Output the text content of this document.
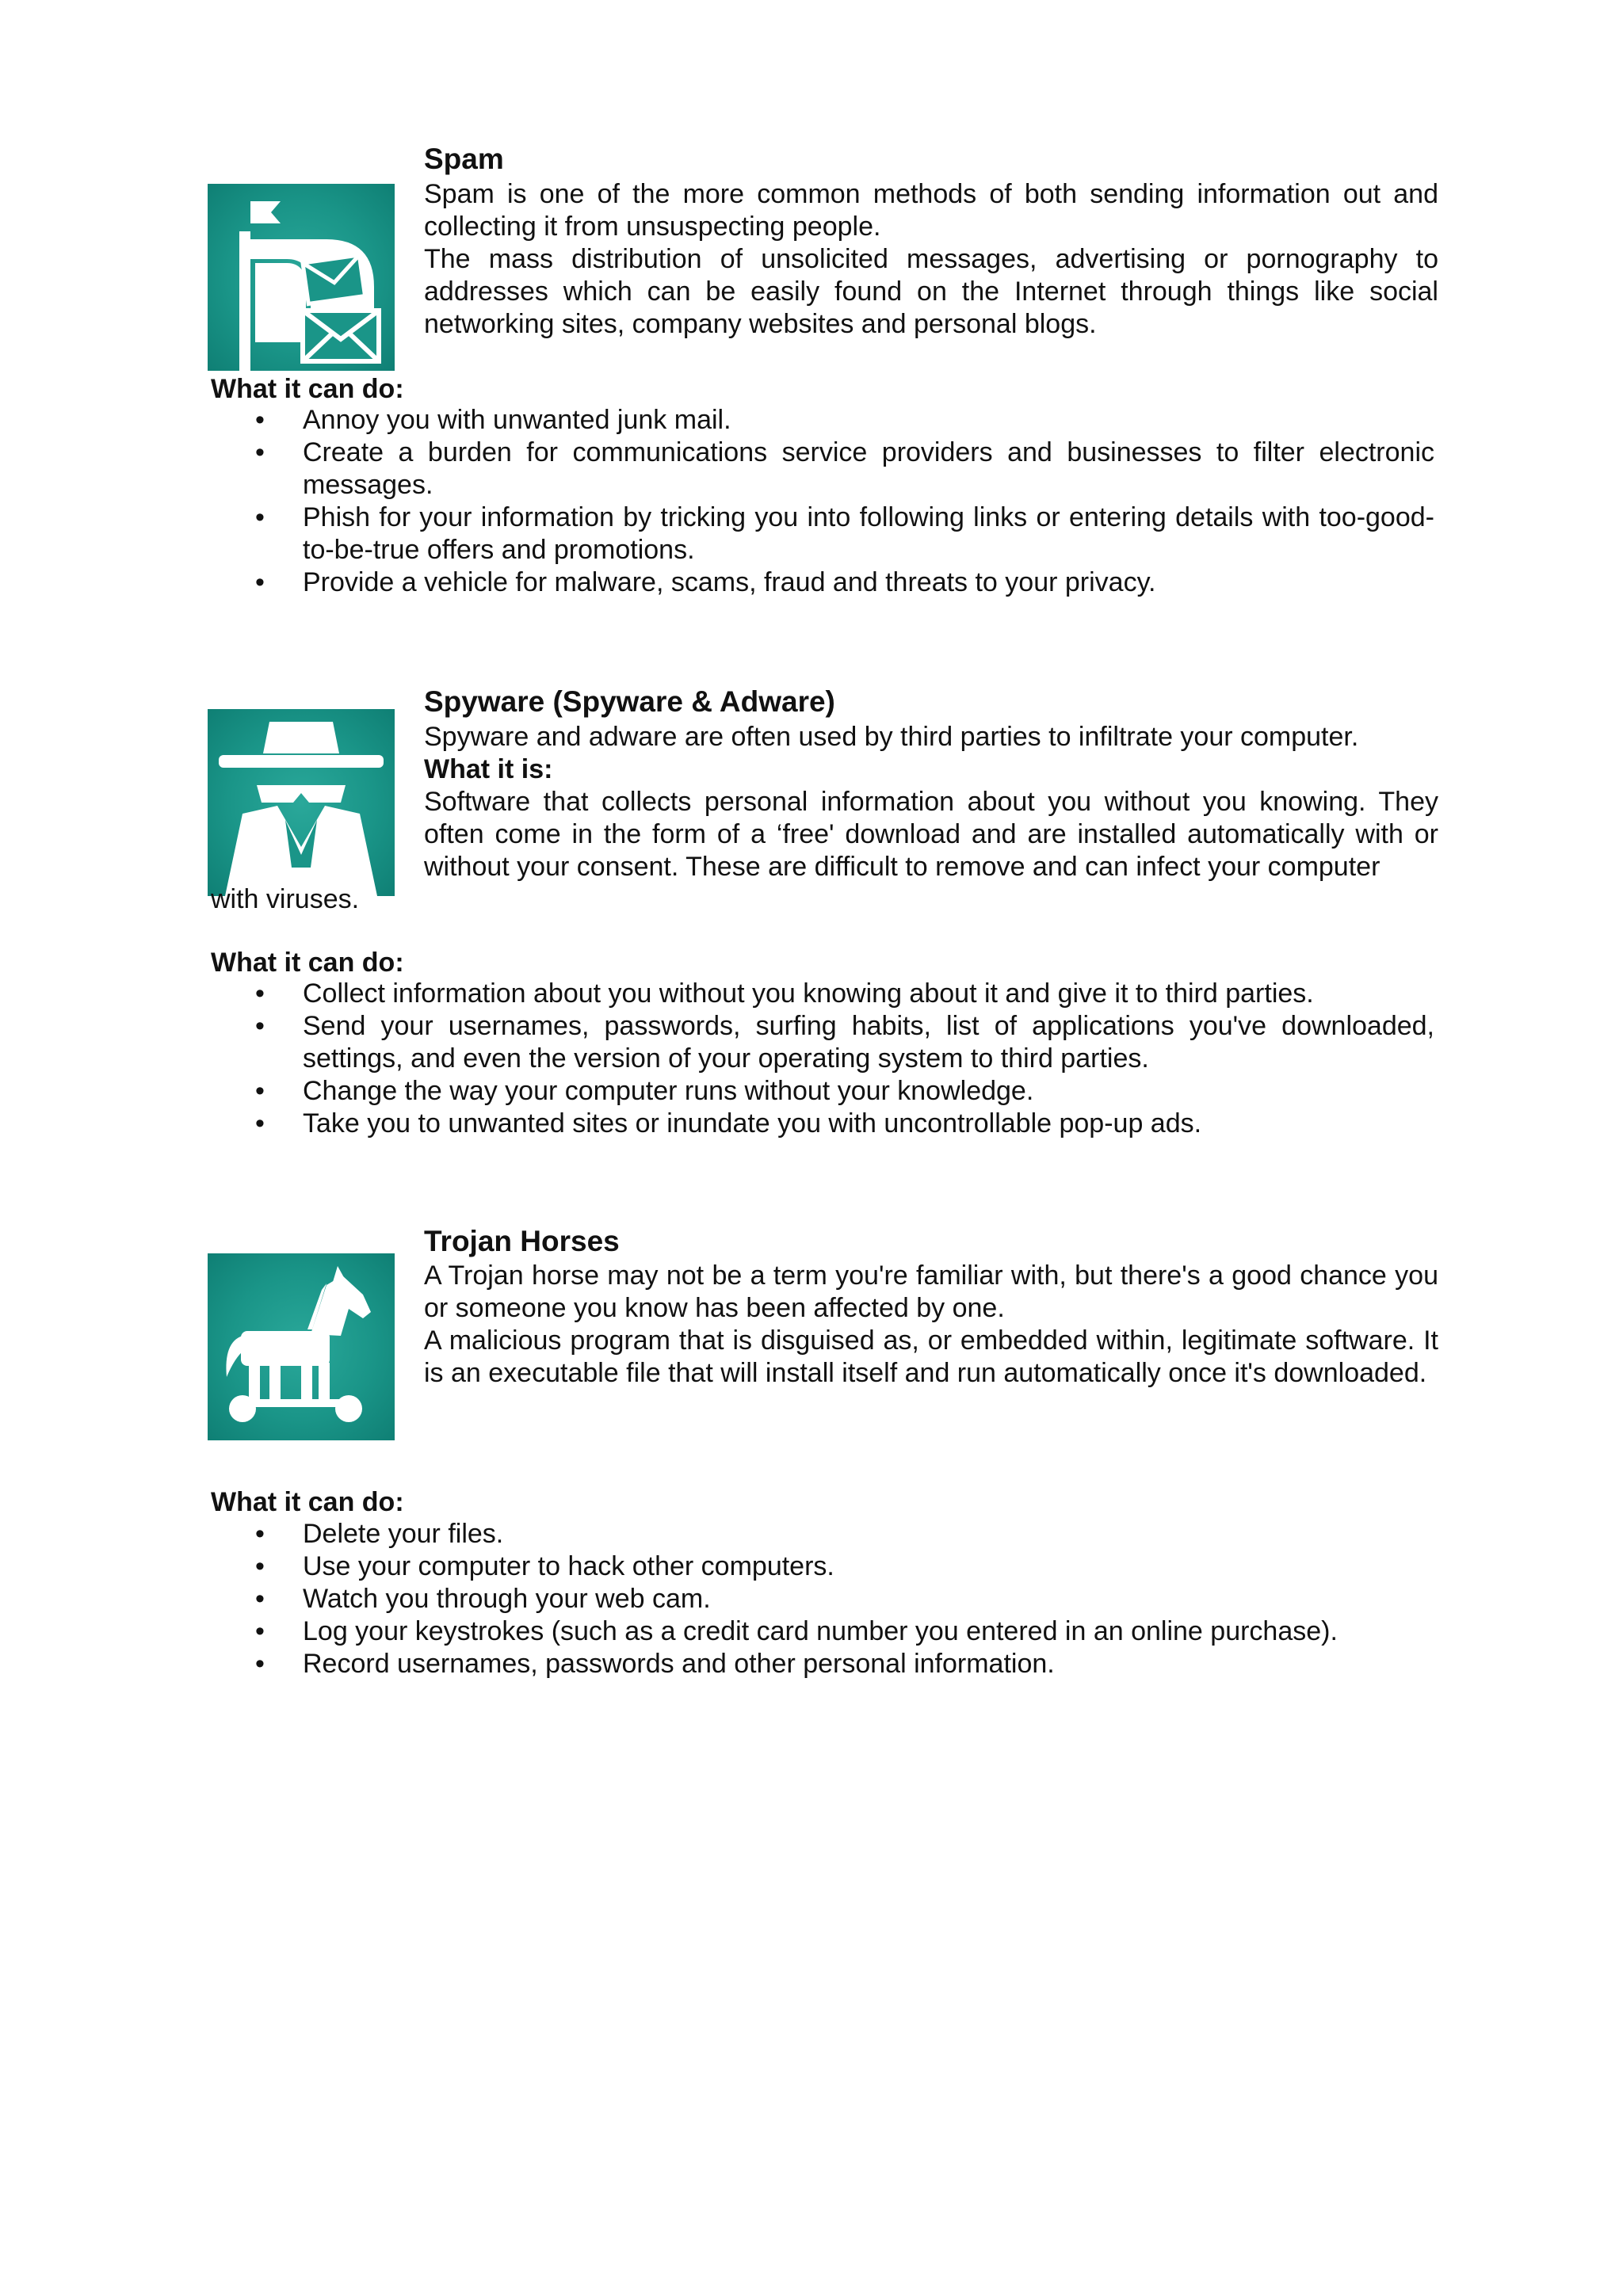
Spam
Spam is one of the more common methods of both sending information out and collecting it from unsuspecting people.
The mass distribution of unsolicited messages, advertising or pornography to addresses which can be easily found on the Internet through things like social networking sites, company websites and personal blogs.
What it can do:
• Annoy you with unwanted junk mail.
• Create a burden for communications service providers and businesses to filter electronic messages.
• Phish for your information by tricking you into following links or entering details with too-good- to-be-true offers and promotions.
• Provide a vehicle for malware, scams, fraud and threats to your privacy.
Spyware (Spyware & Adware)
Spyware and adware are often used by third parties to infiltrate your computer.
What it is:
Software that collects personal information about you without you knowing. They often come in the form of a ‘free' download and are installed automatically with or without your consent. These are difficult to remove and can infect your computer
with viruses.
What it can do:
• Collect information about you without you knowing about it and give it to third parties.
• Send your usernames, passwords, surfing habits, list of applications you've downloaded, settings, and even the version of your operating system to third parties.
• Change the way your computer runs without your knowledge.
• Take you to unwanted sites or inundate you with uncontrollable pop-up ads.
Trojan Horses
A Trojan horse may not be a term you're familiar with, but there's a good chance you or someone you know has been affected by one.
A malicious program that is disguised as, or embedded within, legitimate software. It is an executable file that will install itself and run automatically once it's downloaded.
What it can do:
• Delete your files.
• Use your computer to hack other computers.
• Watch you through your web cam.
• Log your keystrokes (such as a credit card number you entered in an online purchase).
• Record usernames, passwords and other personal information.
